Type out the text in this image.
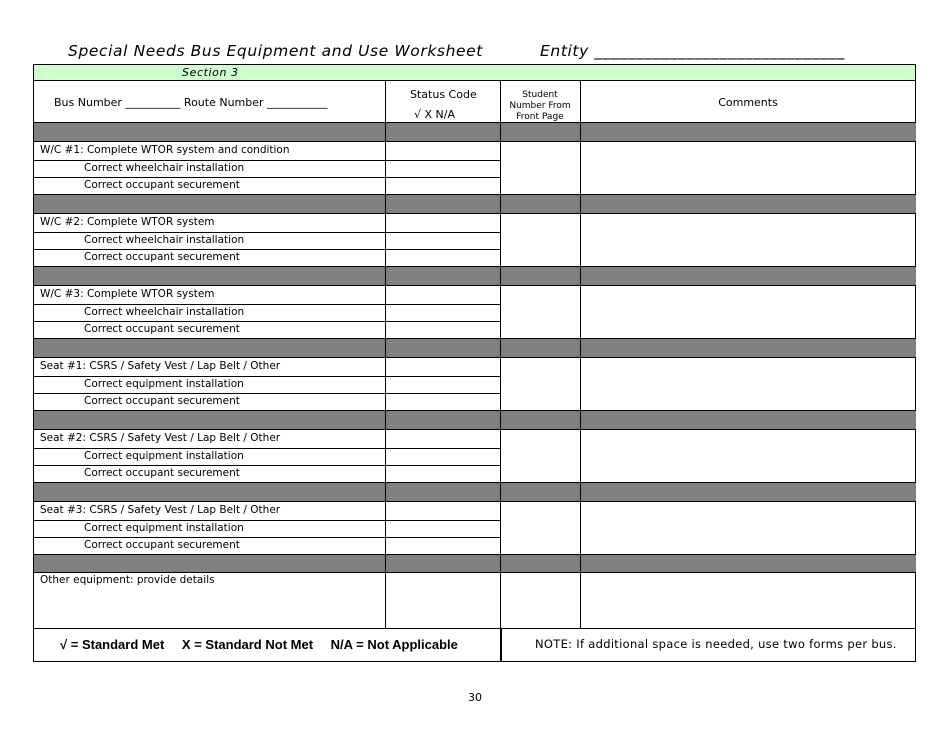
Special Needs Bus Equipment and Use Worksheet	Entity ______________________________
Section 3
Bus Number __________ Route Number ___________
Status Code
√ X N/A
Student Number From Front Page
Comments
W/C #1: Complete WTOR system and condition
Correct wheelchair installation
Correct occupant securement
W/C #2: Complete WTOR system
Correct wheelchair installation
Correct occupant securement
W/C #3: Complete WTOR system
Correct wheelchair installation
Correct occupant securement
Seat #1: CSRS / Safety Vest / Lap Belt / Other
Correct equipment installation
Correct occupant securement
Seat #2: CSRS / Safety Vest / Lap Belt / Other
Correct equipment installation
Correct occupant securement
Seat #3: CSRS / Safety Vest / Lap Belt / Other
Correct equipment installation
Correct occupant securement
Other equipment: provide details
√ = Standard Met X = Standard Not Met N/A = Not Applicable	NOTE: If additional space is needed, use two forms per bus.
30
